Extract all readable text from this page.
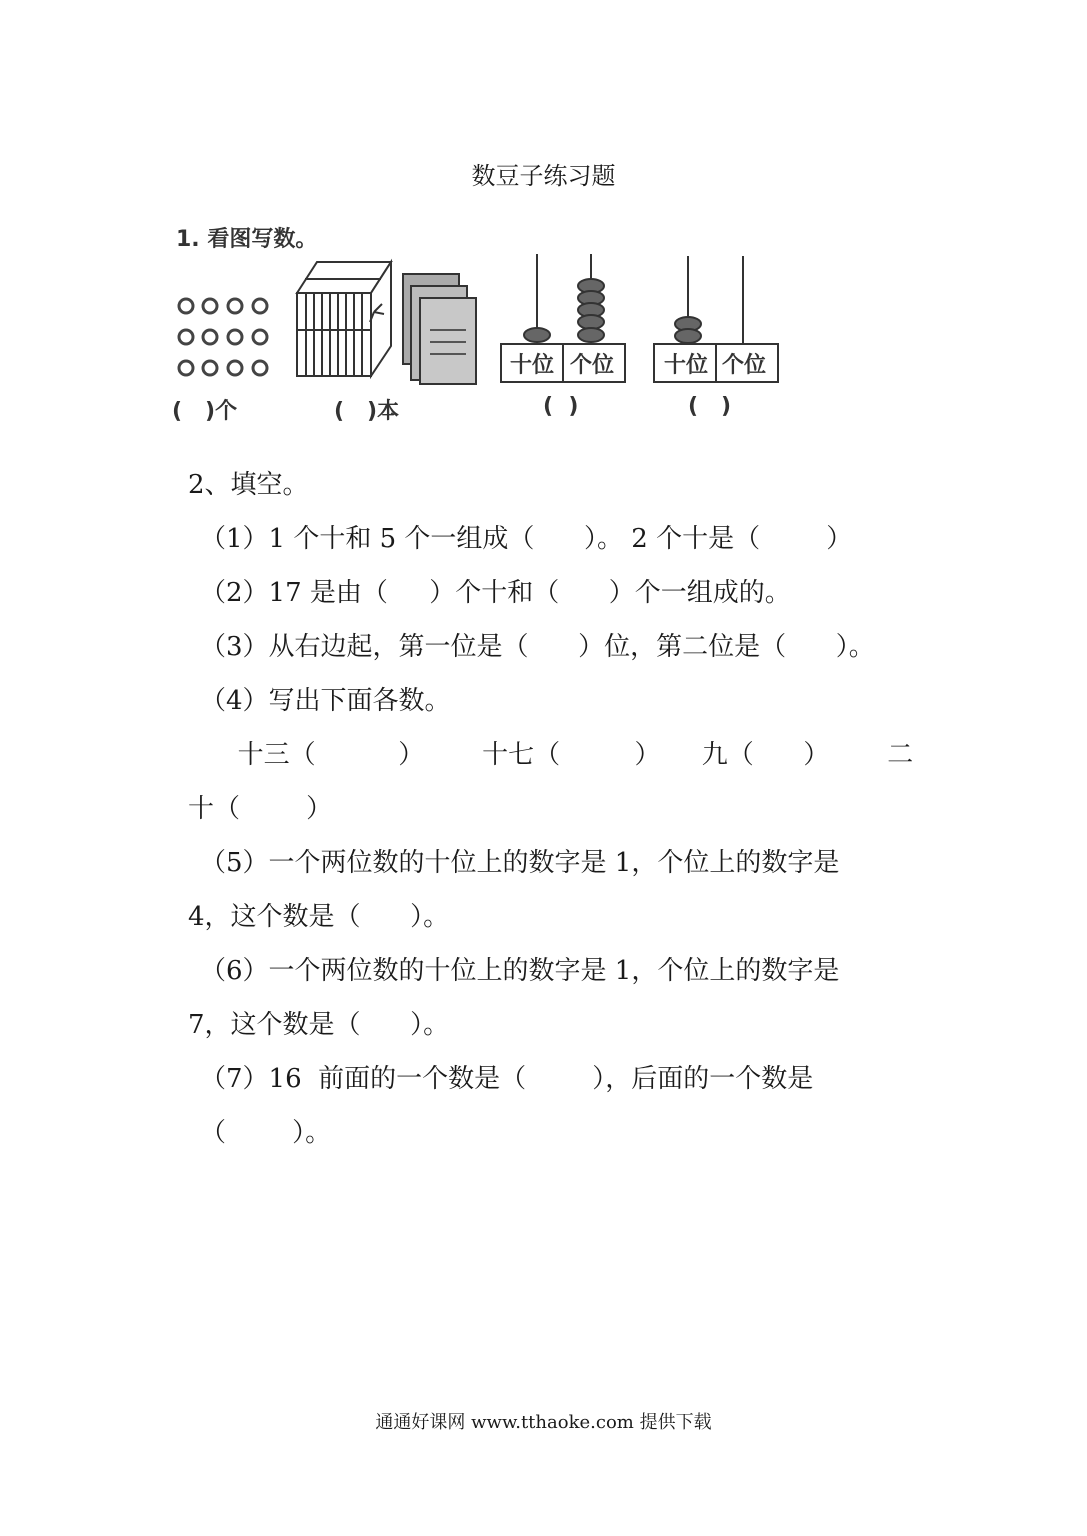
数豆子练习题
1. 看图写数。
十位 个位 十位 个位
(   )个	(   )本	(  )	(   )
2、填空。
（1）1 个十和 5 个一组成（      ）。 2 个十是（        ）
（2）17 是由（     ）个十和（      ）个一组成的。
（3）从右边起，第一位是（      ）位，第二位是（      ）。
（4）写出下面各数。
十三（          ）       十七（         ）     九（      ）       二
十（        ）
（5）一个两位数的十位上的数字是 1，个位上的数字是
4，这个数是（      ）。
（6）一个两位数的十位上的数字是 1，个位上的数字是
7，这个数是（      ）。
（7）16  前面的一个数是（        ），后面的一个数是
（        ）。
通通好课网 www.tthaoke.com 提供下载
